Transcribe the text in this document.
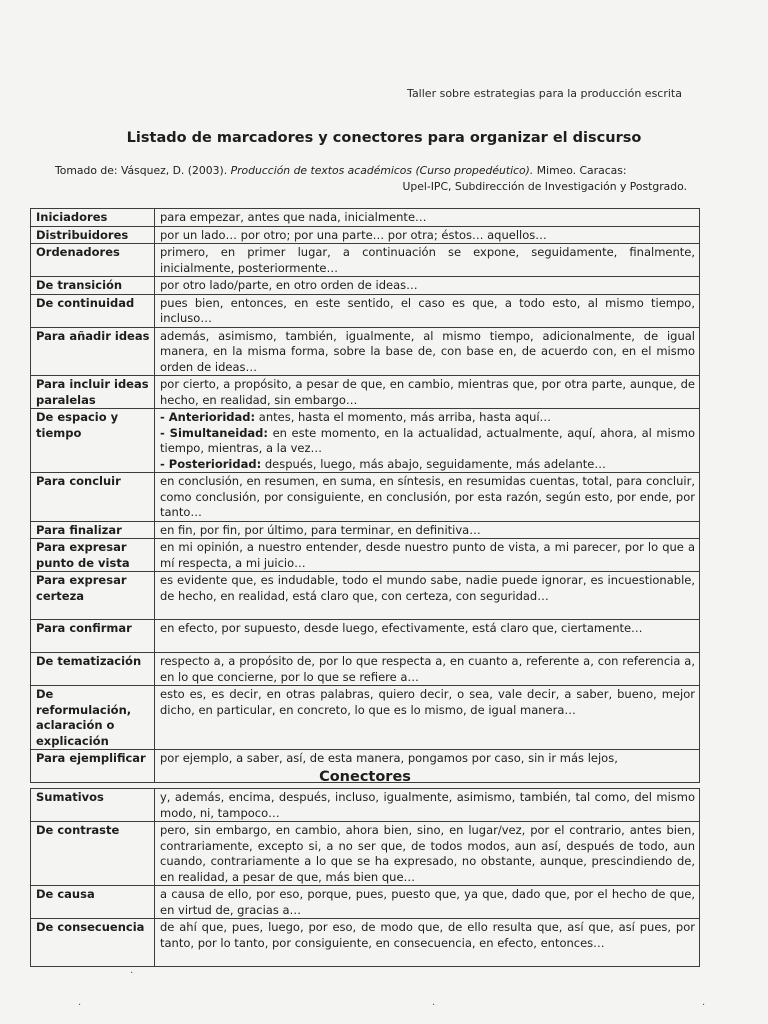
Taller sobre estrategias para la producción escrita
Listado de marcadores y conectores para organizar el discurso
Tomado de: Vásquez, D. (2003). Producción de textos académicos (Curso propedéutico). Mimeo. Caracas:
Upel-IPC, Subdirección de Investigación y Postgrado.
Iniciadores	para empezar, antes que nada, inicialmente…
Distribuidores	por un lado… por otro; por una parte… por otra; éstos… aquellos…
Ordenadores	primero, en primer lugar, a continuación se expone, seguidamente, finalmente, inicialmente, posteriormente…
De transición	por otro lado/parte, en otro orden de ideas…
De continuidad	pues bien, entonces, en este sentido, el caso es que, a todo esto, al mismo tiempo, incluso…
Para añadir ideas	además, asimismo, también, igualmente, al mismo tiempo, adicionalmente, de igual manera, en la misma forma, sobre la base de, con base en, de acuerdo con, en el mismo orden de ideas…
Para incluir ideas paralelas	por cierto, a propósito, a pesar de que, en cambio, mientras que, por otra parte, aunque, de hecho, en realidad, sin embargo…
De espacio y tiempo	- Anterioridad: antes, hasta el momento, más arriba, hasta aquí…
- Simultaneidad: en este momento, en la actualidad, actualmente, aquí, ahora, al mismo tiempo, mientras, a la vez…
- Posterioridad: después, luego, más abajo, seguidamente, más adelante…

Para concluir	en conclusión, en resumen, en suma, en síntesis, en resumidas cuentas, total, para concluir, como conclusión, por consiguiente, en conclusión, por esta razón, según esto, por ende, por tanto…
Para finalizar	en fin, por fin, por último, para terminar, en definitiva…
Para expresar punto de vista	en mi opinión, a nuestro entender, desde nuestro punto de vista, a mi parecer, por lo que a mí respecta, a mi juicio…
Para expresar certeza	es evidente que, es indudable, todo el mundo sabe, nadie puede ignorar, es incuestionable, de hecho, en realidad, está claro que, con certeza, con seguridad…
Para confirmar	en efecto, por supuesto, desde luego, efectivamente, está claro que, ciertamente…
De tematización	respecto a, a propósito de, por lo que respecta a, en cuanto a, referente a, con referencia a, en lo que concierne, por lo que se refiere a…
De reformulación, aclaración o explicación	esto es, es decir, en otras palabras, quiero decir, o sea, vale decir, a saber, bueno, mejor dicho, en particular, en concreto, lo que es lo mismo, de igual manera…
Para ejemplificar	por ejemplo, a saber, así, de esta manera, pongamos por caso, sin ir más lejos,
Conectores
Sumativos	y, además, encima, después, incluso, igualmente, asimismo, también, tal como, del mismo modo, ni, tampoco…
De contraste	pero, sin embargo, en cambio, ahora bien, sino, en lugar/vez, por el contrario, antes bien, contrariamente, excepto si, a no ser que, de todos modos, aun así, después de todo, aun cuando, contrariamente a lo que se ha expresado, no obstante, aunque, prescindiendo de, en realidad, a pesar de que, más bien que…
De causa	a causa de ello, por eso, porque, pues, puesto que, ya que, dado que, por el hecho de que, en virtud de, gracias a…
De consecuencia	de ahí que, pues, luego, por eso, de modo que, de ello resulta que, así que, así pues, por tanto, por lo tanto, por consiguiente, en consecuencia, en efecto, entonces…
·
·	·	·
